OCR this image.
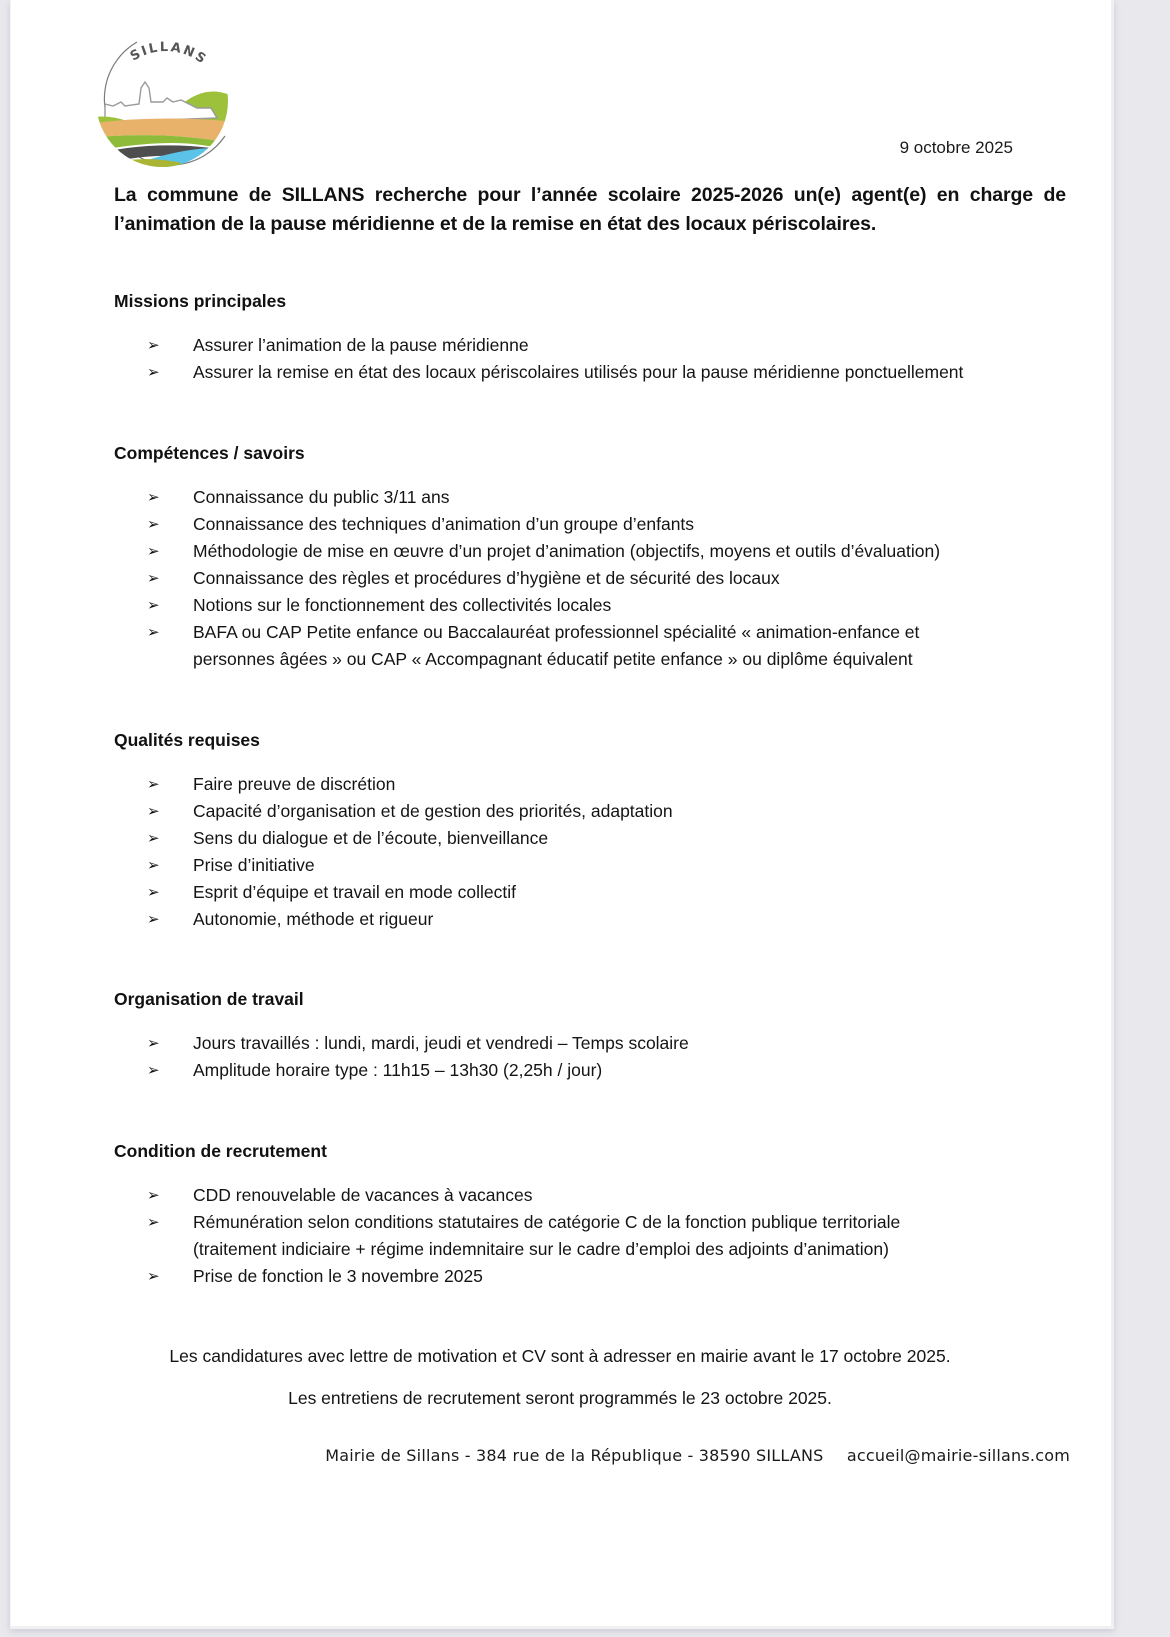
SILLANS
9 octobre 2025

La commune de SILLANS recherche pour l’année scolaire 2025-2026 un(e) agent(e) en charge de l’animation de la pause méridienne et de la remise en état des locaux périscolaires.

Missions principales
➢ Assurer l’animation de la pause méridienne
➢ Assurer la remise en état des locaux périscolaires utilisés pour la pause méridienne ponctuellement
Compétences / savoirs
➢ Connaissance du public 3/11 ans
➢ Connaissance des techniques d’animation d’un groupe d’enfants
➢ Méthodologie de mise en œuvre d’un projet d’animation (objectifs, moyens et outils d’évaluation)
➢ Connaissance des règles et procédures d’hygiène et de sécurité des locaux
➢ Notions sur le fonctionnement des collectivités locales
➢ BAFA ou CAP Petite enfance ou Baccalauréat professionnel spécialité « animation-enfance et personnes âgées » ou CAP « Accompagnant éducatif petite enfance » ou diplôme équivalent
Qualités requises
➢ Faire preuve de discrétion
➢ Capacité d’organisation et de gestion des priorités, adaptation
➢ Sens du dialogue et de l’écoute, bienveillance
➢ Prise d’initiative
➢ Esprit d’équipe et travail en mode collectif
➢ Autonomie, méthode et rigueur
Organisation de travail
➢ Jours travaillés : lundi, mardi, jeudi et vendredi – Temps scolaire
➢ Amplitude horaire type : 11h15 – 13h30 (2,25h / jour)
Condition de recrutement
➢ CDD renouvelable de vacances à vacances
➢ Rémunération selon conditions statutaires de catégorie C de la fonction publique territoriale (traitement indiciaire + régime indemnitaire sur le cadre d’emploi des adjoints d’animation)
➢ Prise de fonction le 3 novembre 2025
Les candidatures avec lettre de motivation et CV sont à adresser en mairie avant le 17 octobre 2025.
Les entretiens de recrutement seront programmés le 23 octobre 2025.
Mairie de Sillans - 384 rue de la République - 38590 SILLANS accueil@mairie-sillans.com
